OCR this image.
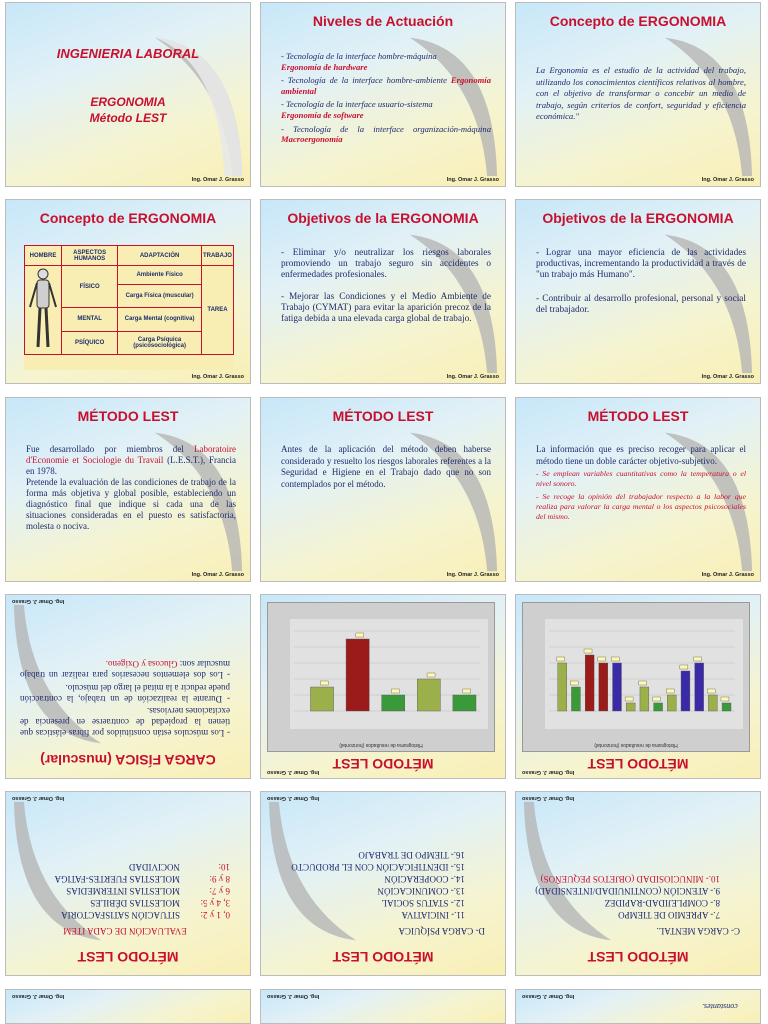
INGENIERIA LABORAL
ERGONOMIA
Método LEST
Ing. Omar J. Grasso
Niveles de Actuación
- Tecnología de la interface hombre-máquina
Ergonomía de hardware
- Tecnología de la interface hombre-ambiente Ergonomía ambiental
- Tecnología de la interface usuario-sistema
Ergonomía de software
- Tecnología de la interface organización-máquina Macroergonomía
Ing. Omar J. Grasso
Concepto de ERGONOMIA
La Ergonomía es el estudio de la actividad del trabajo, utilizando los conocimientos científicos relativos al hombre, con el objetivo de transformar o concebir un medio de trabajo, según criterios de confort, seguridad y eficiencia económica."
Ing. Omar J. Grasso
Concepto de ERGONOMIA
HOMBRE	ASPECTOS HUMANOS	ADAPTACIÓN	TRABAJO
	FÍSICO	Ambiente Físico	TAREA
		Carga Física (muscular)	
	MENTAL	Carga Mental (cognitiva)	
	PSÍQUICO	Carga Psíquica (psicosociológica)	
Ing. Omar J. Grasso
Objetivos de la ERGONOMIA
- Eliminar y/o neutralizar los riesgos laborales promoviendo un trabajo seguro sin accidentes o enfermedades profesionales.
- Mejorar las Condiciones y el Medio Ambiente de Trabajo (CYMAT) para evitar la aparición precoz de la fatiga debida a una elevada carga global de trabajo.
Ing. Omar J. Grasso
Objetivos de la ERGONOMIA
- Lograr una mayor eficiencia de las actividades productivas, incrementando la productividad a través de "un trabajo más Humano".
- Contribuir al desarrollo profesional, personal y social del trabajador.
Ing. Omar J. Grasso
MÉTODO LEST
Fue desarrollado por miembros del Laboratoire d'Economie et Sociologie du Travail (L.E.S.T.), Francia en 1978.
Pretende la evaluación de las condiciones de trabajo de la forma más objetiva y global posible, estableciendo un diagnóstico final que indique si cada una de las situaciones consideradas en el puesto es satisfactoria, molesta o nociva.
Ing. Omar J. Grasso
MÉTODO LEST
Antes de la aplicación del método deben haberse considerado y resuelto los riesgos laborales referentes a la Seguridad e Higiene en el Trabajo dado que no son contemplados por el método.
Ing. Omar J. Grasso
MÉTODO LEST
La información que es preciso recoger para aplicar el método tiene un doble carácter objetivo-subjetivo.
- Se emplean variables cuantitativas como la temperatura o el nivel sonoro.
- Se recoge la opinión del trabajador respecto a la labor que realiza para valorar la carga mental o los aspectos psicosociales del mismo.
Ing. Omar J. Grasso
CARGA FÍSICA (muscular)
- Los músculos están constituidos por fibras elásticas que tienen la propiedad de contraerse en presencia de excitaciones nerviosas.
- Durante la realización de un trabajo, la contracción puede reducir a la mitad el largo del músculo.
- Los dos elementos necesarios para realizar un trabajo muscular son: Glucosa y Oxígeno.
Ing. Omar J. Grasso
Histograma de resultados (horizontal)
Ing. Omar J. Grasso MÉTODO LEST
Histograma de resultados (horizontal)
Ing. Omar J. Grasso MÉTODO LEST
MÉTODO LEST
EVALUACIÓN DE CADA ITEM
0, 1 y 2:SITUACIÓN SATISFACTORIA
3, 4 y 5:MOLESTIAS DÉBILES
6 y 7:MOLESTIAS INTERMEDIAS
8 y 9:MOLESTIAS FUERTES-FATIGA
10:NOCIVIDAD
Ing. Omar J. Grasso
MÉTODO LEST
D- CARGA PSÍQUICA
11.- INICIATIVA
12.- STATUS SOCIAL
13.- COMUNICACIÓN
14.- COOPERACIÓN
15.- IDENTIFICACIÓN CON EL PRODUCTO
16.- TIEMPO DE TRABAJO
Ing. Omar J. Grasso
MÉTODO LEST
C- CARGA MENTAL.
7.- APREMIO DE TIEMPO
8.- COMPLEJIDAD-RAPIDEZ
9.- ATENCIÓN (CONTINUIDAD/INTENSIDAD)
10.- MINUCIOSIDAD (OBJETOS PEQUEÑOS)
Ing. Omar J. Grasso
Ing. Omar J. Grasso	Ing. Omar J. Grasso	Ing. Omar J. Grasso
constantes.
